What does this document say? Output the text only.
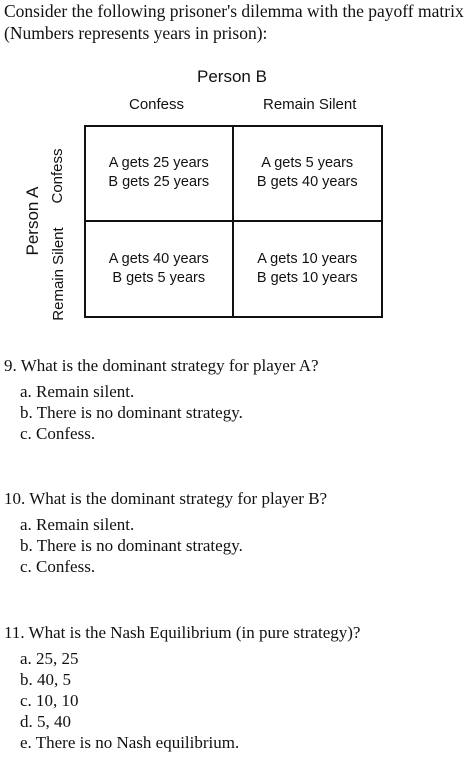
Consider the following prisoner's dilemma with the payoff matrix
(Numbers represents years in prison):
Person B
Confess	Remain Silent
Person A
Confess
Remain Silent
A gets 25 years
B gets 25 years
A gets 5 years
B gets 40 years
A gets 40 years
B gets 5 years
A gets 10 years
B gets 10 years
9. What is the dominant strategy for player A?
a. Remain silent.
b. There is no dominant strategy.
c. Confess.
10. What is the dominant strategy for player B?
a. Remain silent.
b. There is no dominant strategy.
c. Confess.
11. What is the Nash Equilibrium (in pure strategy)?
a. 25, 25
b. 40, 5
c. 10, 10
d. 5, 40
e. There is no Nash equilibrium.
